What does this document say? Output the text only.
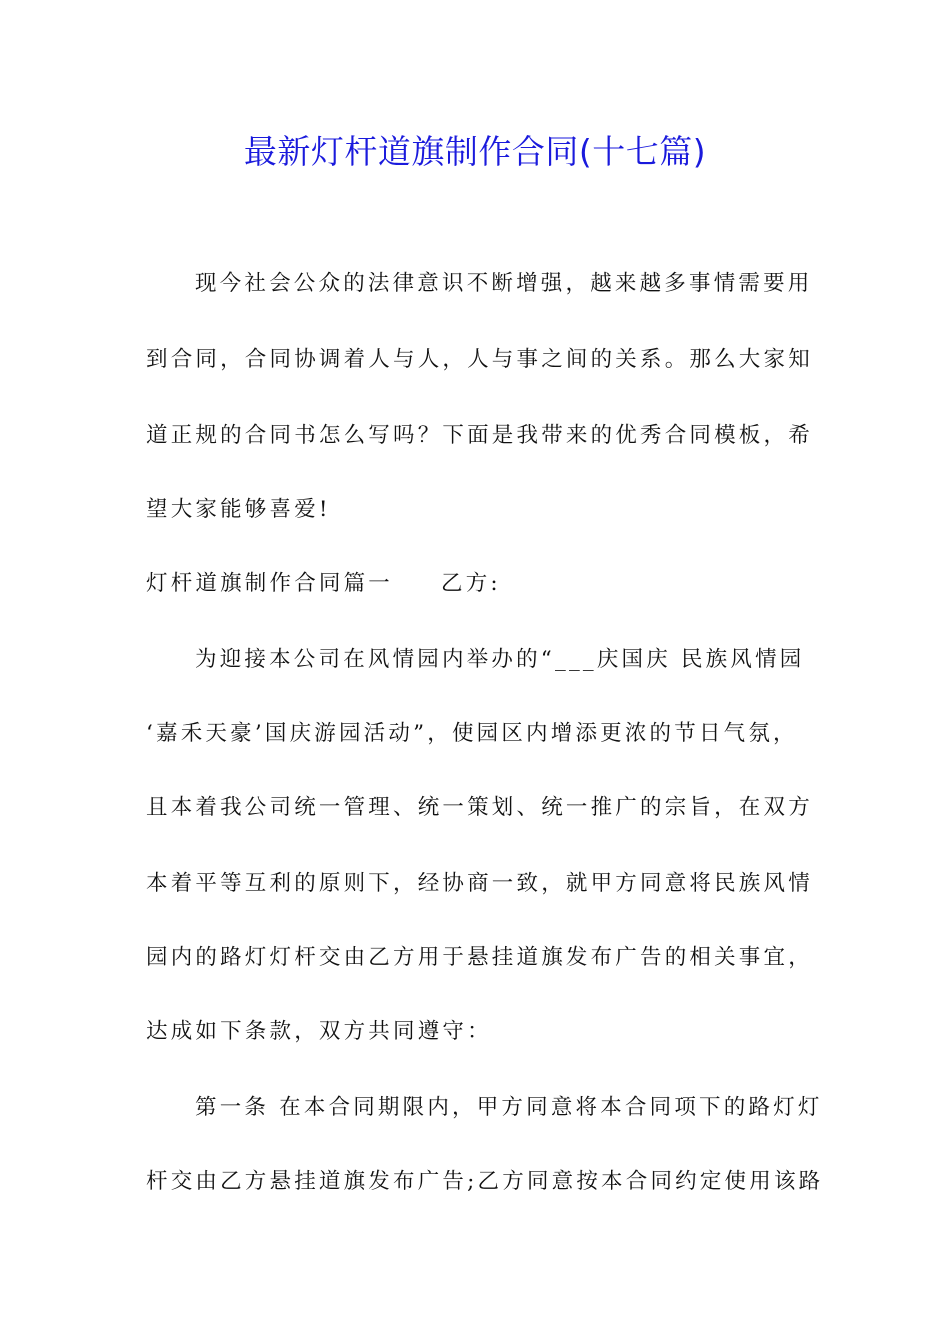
最新灯杆道旗制作合同(十七篇)
现今社会公众的法律意识不断增强，越来越多事情需要用
到合同，合同协调着人与人，人与事之间的关系。那么大家知
道正规的合同书怎么写吗？下面是我带来的优秀合同模板，希
望大家能够喜爱!
灯杆道旗制作合同篇一 乙方:
为迎接本公司在风情园内举办的“___庆国庆 民族风情园
‘嘉禾天豪’国庆游园活动”，使园区内增添更浓的节日气氛，
且本着我公司统一管理、统一策划、统一推广的宗旨，在双方
本着平等互利的原则下，经协商一致，就甲方同意将民族风情
园内的路灯灯杆交由乙方用于悬挂道旗发布广告的相关事宜，
达成如下条款，双方共同遵守：
第一条 在本合同期限内，甲方同意将本合同项下的路灯灯
杆交由乙方悬挂道旗发布广告;乙方同意按本合同约定使用该路
